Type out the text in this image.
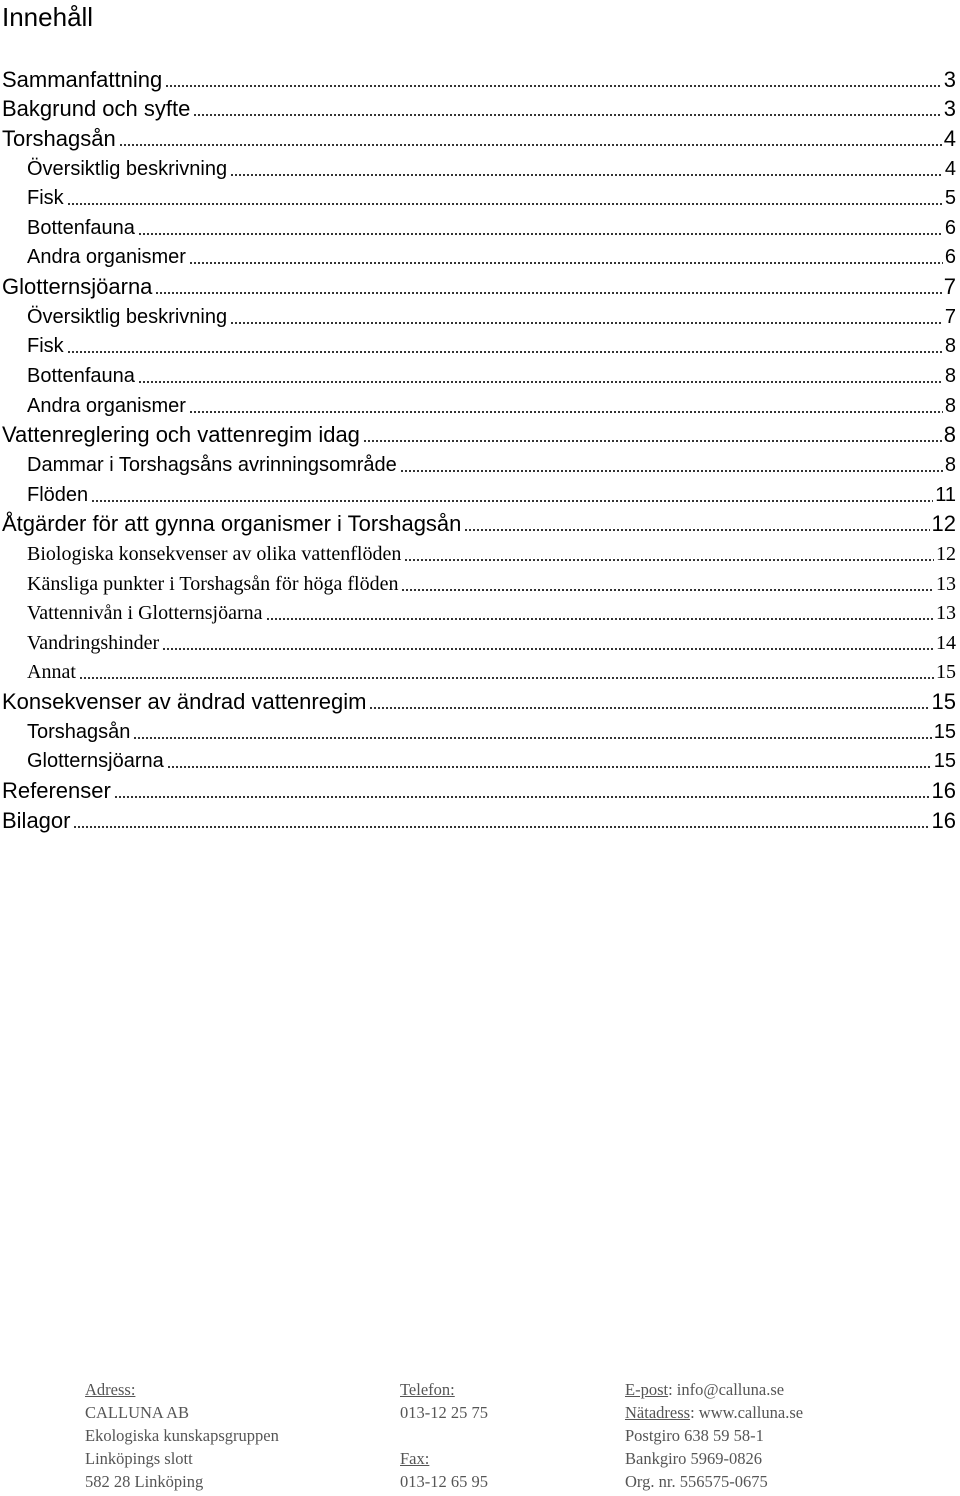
Innehåll
Sammanfattning	3
Bakgrund och syfte	3
Torshagsån	4
Översiktlig beskrivning	4
Fisk	5
Bottenfauna	6
Andra organismer	6
Glotternsjöarna	7
Översiktlig beskrivning	7
Fisk	8
Bottenfauna	8
Andra organismer	8
Vattenreglering och vattenregim idag	8
Dammar i Torshagsåns avrinningsområde	8
Flöden	11
Åtgärder för att gynna organismer i Torshagsån	12
Biologiska konsekvenser av olika vattenflöden	12
Känsliga punkter i Torshagsån för höga flöden	13
Vattennivån i Glotternsjöarna	13
Vandringshinder	14
Annat	15
Konsekvenser av ändrad vattenregim	15
Torshagsån	15
Glotternsjöarna	15
Referenser	16
Bilagor	16
Adress:
CALLUNA AB
Ekologiska kunskapsgruppen
Linköpings slott
582 28 Linköping
Telefon:
013-12 25 75

Fax:
013-12 65 95
E-post: info@calluna.se
Nätadress: www.calluna.se
Postgiro 638 59 58-1
Bankgiro 5969-0826
Org. nr. 556575-0675
